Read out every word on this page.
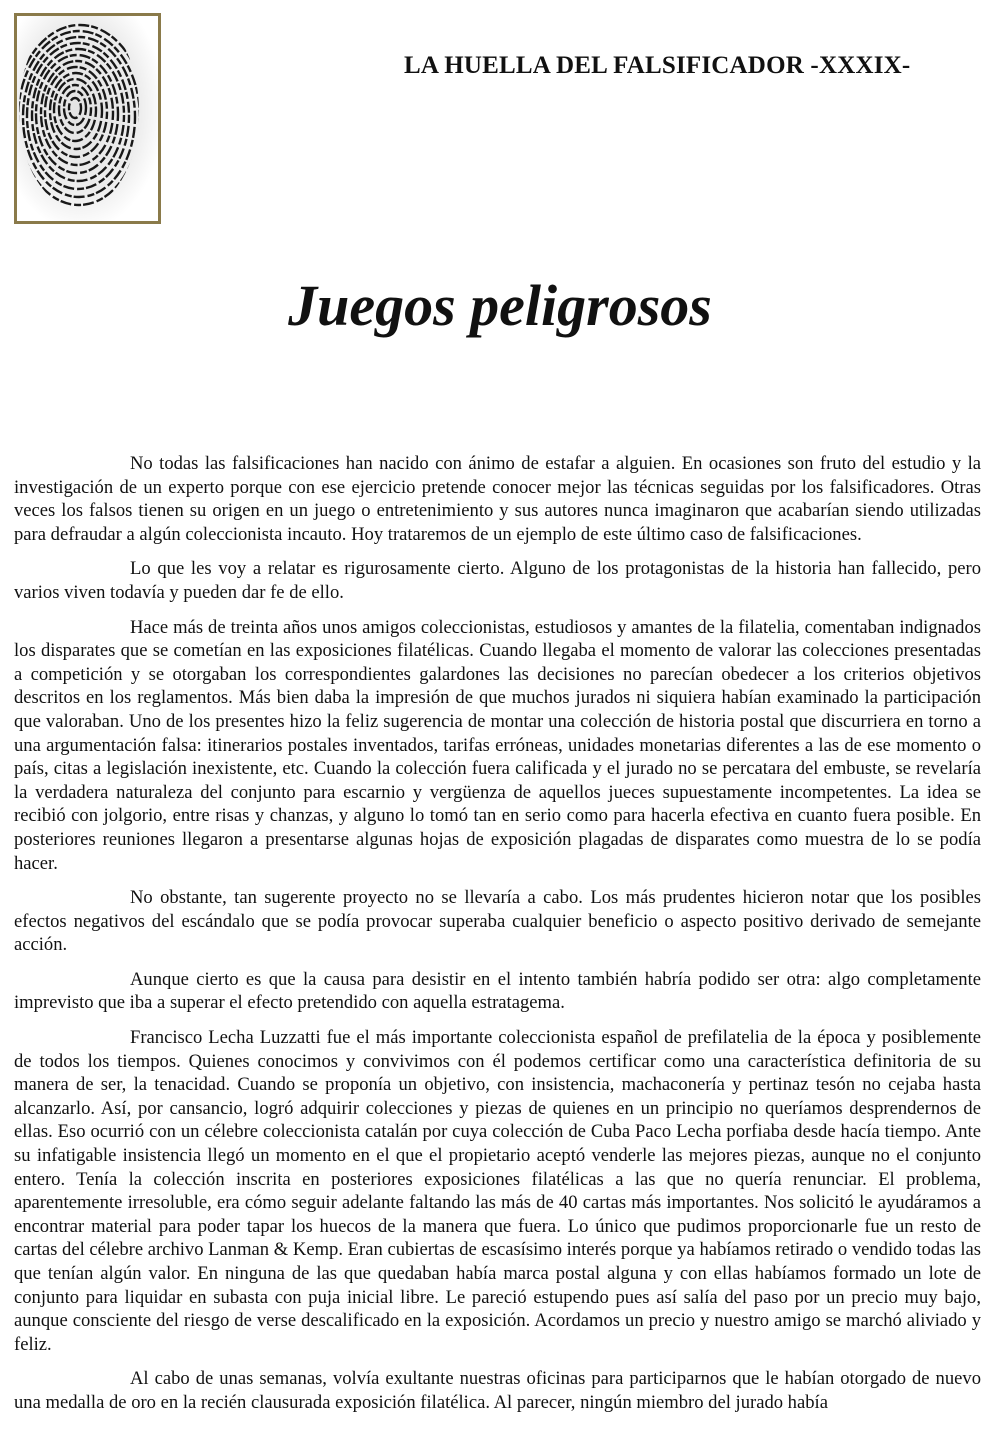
LA HUELLA DEL FALSIFICADOR -XXXIX-
Juegos peligrosos

No todas las falsificaciones han nacido con ánimo de estafar a alguien. En ocasiones son fruto del estudio y la investigación de un experto porque con ese ejercicio pretende conocer mejor las técnicas seguidas por los falsificadores. Otras veces los falsos tienen su origen en un juego o entretenimiento y sus autores nunca imaginaron que acabarían siendo utilizadas para defraudar a algún coleccionista incauto. Hoy trataremos de un ejemplo de este último caso de falsificaciones.

Lo que les voy a relatar es rigurosamente cierto. Alguno de los protagonistas de la historia han fallecido, pero varios viven todavía y pueden dar fe de ello.

Hace más de treinta años unos amigos coleccionistas, estudiosos y amantes de la filatelia, comentaban indignados los disparates que se cometían en las exposiciones filatélicas. Cuando llegaba el momento de valorar las colecciones presentadas a competición y se otorgaban los correspondientes galardones las decisiones no parecían obedecer a los criterios objetivos descritos en los reglamentos. Más bien daba la impresión de que muchos jurados ni siquiera habían examinado la participación que valoraban. Uno de los presentes hizo la feliz sugerencia de montar una colección de historia postal que discurriera en torno a una argumentación falsa: itinerarios postales inventados, tarifas erróneas, unidades monetarias diferentes a las de ese momento o país, citas a legislación inexistente, etc. Cuando la colección fuera calificada y el jurado no se percatara del embuste, se revelaría la verdadera naturaleza del conjunto para escarnio y vergüenza de aquellos jueces supuestamente incompetentes. La idea se recibió con jolgorio, entre risas y chanzas, y alguno lo tomó tan en serio como para hacerla efectiva en cuanto fuera posible. En posteriores reuniones llegaron a presentarse algunas hojas de exposición plagadas de disparates como muestra de lo se podía hacer.

No obstante, tan sugerente proyecto no se llevaría a cabo. Los más prudentes hicieron notar que los posibles efectos negativos del escándalo que se podía provocar superaba cualquier beneficio o aspecto positivo derivado de semejante acción.

Aunque cierto es que la causa para desistir en el intento también habría podido ser otra: algo completamente imprevisto que iba a superar el efecto pretendido con aquella estratagema.

Francisco Lecha Luzzatti fue el más importante coleccionista español de prefilatelia de la época y posiblemente de todos los tiempos. Quienes conocimos y convivimos con él podemos certificar como una característica definitoria de su manera de ser, la tenacidad. Cuando se proponía un objetivo, con insistencia, machaconería y pertinaz tesón no cejaba hasta alcanzarlo. Así, por cansancio, logró adquirir colecciones y piezas de quienes en un principio no queríamos desprendernos de ellas. Eso ocurrió con un célebre coleccionista catalán por cuya colección de Cuba Paco Lecha porfiaba desde hacía tiempo. Ante su infatigable insistencia llegó un momento en el que el propietario aceptó venderle las mejores piezas, aunque no el conjunto entero. Tenía la colección inscrita en posteriores exposiciones filatélicas a las que no quería renunciar. El problema, aparentemente irresoluble, era cómo seguir adelante faltando las más de 40 cartas más importantes. Nos solicitó le ayudáramos a encontrar material para poder tapar los huecos de la manera que fuera. Lo único que pudimos proporcionarle fue un resto de cartas del célebre archivo Lanman & Kemp. Eran cubiertas de escasísimo interés porque ya habíamos retirado o vendido todas las que tenían algún valor. En ninguna de las que quedaban había marca postal alguna y con ellas habíamos formado un lote de conjunto para liquidar en subasta con puja inicial libre. Le pareció estupendo pues así salía del paso por un precio muy bajo, aunque consciente del riesgo de verse descalificado en la exposición. Acordamos un precio y nuestro amigo se marchó aliviado y feliz.

Al cabo de unas semanas, volvía exultante nuestras oficinas para participarnos que le habían otorgado de nuevo una medalla de oro en la recién clausurada exposición filatélica. Al parecer, ningún miembro del jurado había
